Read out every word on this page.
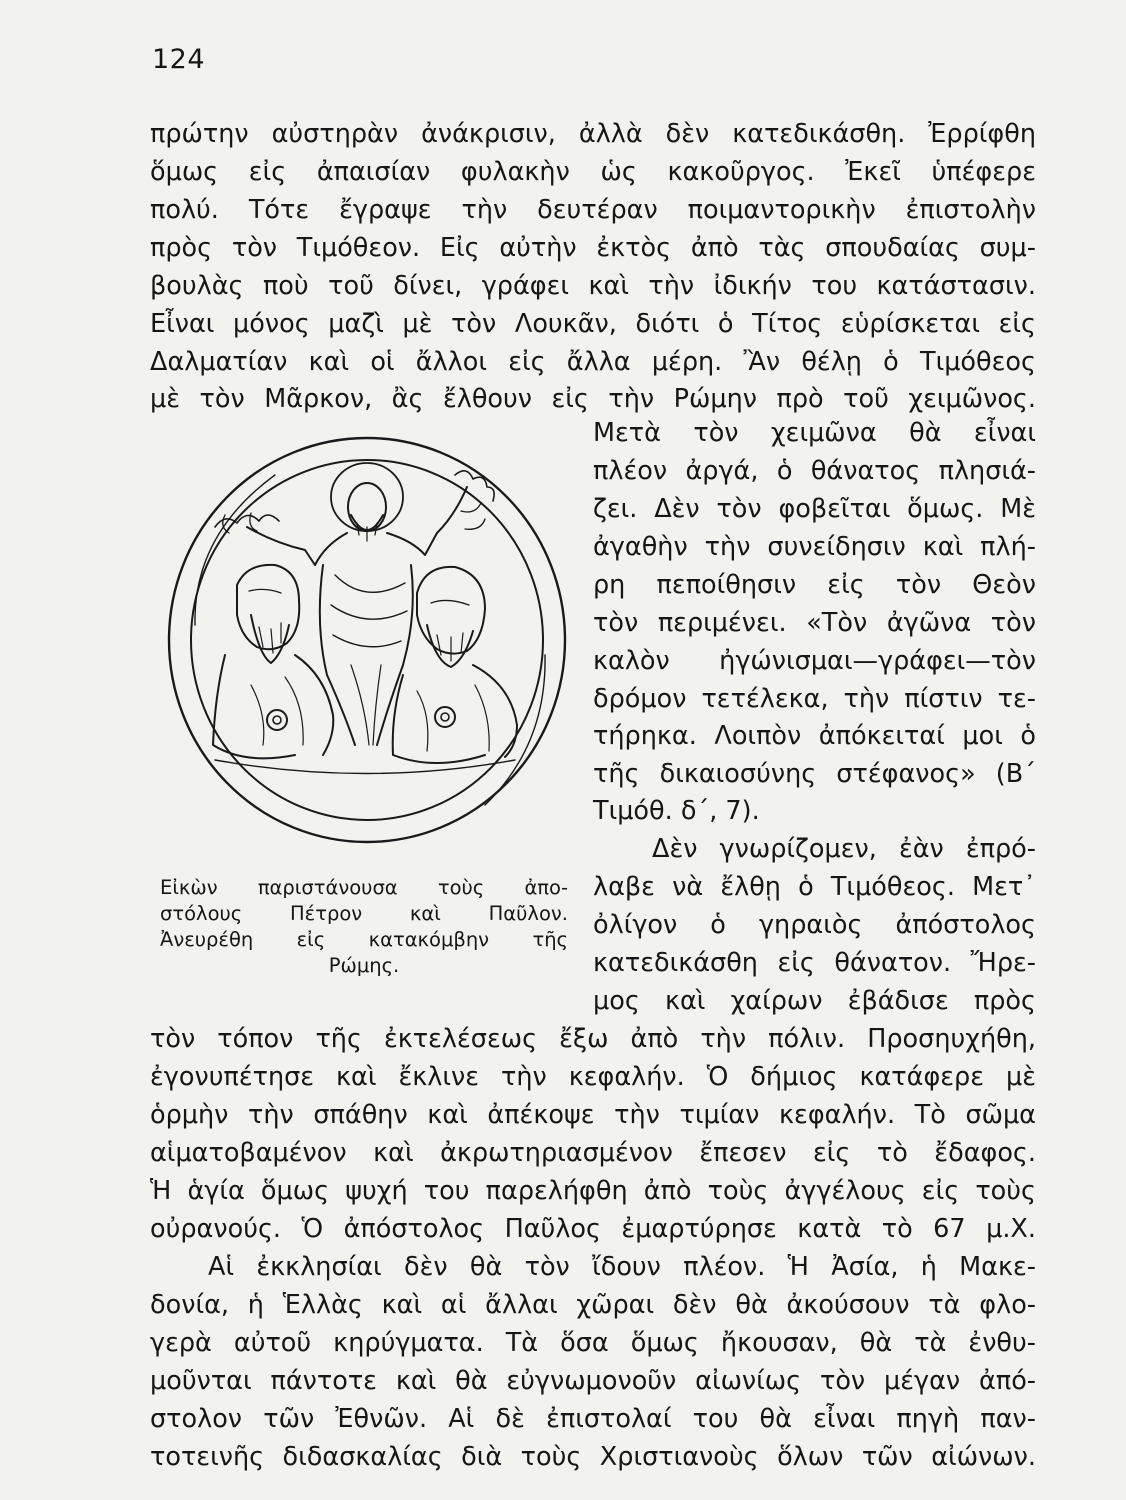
124
πρώτην αὐστηρὰν ἀνάκρισιν, ἀλλὰ δὲν κατεδικάσθη. Ἐρρίφθη
ὅμως εἰς ἀπαισίαν φυλακὴν ὡς κακοῦργος. Ἐκεῖ ὑπέφερε
πολύ. Τότε ἔγραψε τὴν δευτέραν ποιμαντορικὴν ἐπιστολὴν
πρὸς τὸν Τιμόθεον. Εἰς αὐτὴν ἐκτὸς ἀπὸ τὰς σπουδαίας συμ-
βουλὰς ποὺ τοῦ δίνει, γράφει καὶ τὴν ἰδικήν του κατάστασιν.
Εἶναι μόνος μαζὶ μὲ τὸν Λουκᾶν, διότι ὁ Τίτος εὑρίσκεται εἰς
Δαλματίαν καὶ οἱ ἄλλοι εἰς ἄλλα μέρη. Ἂν θέλῃ ὁ Τιμόθεος
μὲ τὸν Μᾶρκον, ἂς ἔλθουν εἰς τὴν Ρώμην πρὸ τοῦ χειμῶνος.
Μετὰ τὸν χειμῶνα θὰ εἶναι
πλέον ἀργά, ὁ θάνατος πλησιά-
ζει. Δὲν τὸν φοβεῖται ὅμως. Μὲ
ἀγαθὴν τὴν συνείδησιν καὶ πλή-
ρη πεποίθησιν εἰς τὸν Θεὸν
τὸν περιμένει. «Τὸν ἀγῶνα τὸν
καλὸν ἠγώνισμαι—γράφει—τὸν
δρόμον τετέλεκα, τὴν πίστιν τε-
τήρηκα. Λοιπὸν ἀπόκειταί μοι ὁ
τῆς δικαιοσύνης στέφανος» (Β΄
Τιμόθ. δ΄, 7).
Δὲν γνωρίζομεν, ἐὰν ἐπρό-
λαβε νὰ ἔλθῃ ὁ Τιμόθεος. Μετ᾽
ὀλίγον ὁ γηραιὸς ἀπόστολος
κατεδικάσθη εἰς θάνατον. Ἤρε-
μος καὶ χαίρων ἐβάδισε πρὸς
Εἰκὼν παριστάνουσα τοὺς ἀπο-
στόλους Πέτρον καὶ Παῦλον.
Ἀνευρέθη εἰς κατακόμβην τῆς
Ρώμης.
τὸν τόπον τῆς ἐκτελέσεως ἔξω ἀπὸ τὴν πόλιν. Προσηυχήθη,
ἐγονυπέτησε καὶ ἔκλινε τὴν κεφαλήν. Ὁ δήμιος κατάφερε μὲ
ὁρμὴν τὴν σπάθην καὶ ἀπέκοψε τὴν τιμίαν κεφαλήν. Τὸ σῶμα
αἱματοβαμένον καὶ ἀκρωτηριασμένον ἔπεσεν εἰς τὸ ἔδαφος.
Ἡ ἁγία ὅμως ψυχή του παρελήφθη ἀπὸ τοὺς ἀγγέλους εἰς τοὺς
οὐρανούς. Ὁ ἀπόστολος Παῦλος ἐμαρτύρησε κατὰ τὸ 67 μ.Χ.
Αἱ ἐκκλησίαι δὲν θὰ τὸν ἴδουν πλέον. Ἡ Ἀσία, ἡ Μακε-
δονία, ἡ Ἑλλὰς καὶ αἱ ἄλλαι χῶραι δὲν θὰ ἀκούσουν τὰ φλο-
γερὰ αὐτοῦ κηρύγματα. Τὰ ὅσα ὅμως ἤκουσαν, θὰ τὰ ἐνθυ-
μοῦνται πάντοτε καὶ θὰ εὐγνωμονοῦν αἰωνίως τὸν μέγαν ἀπό-
στολον τῶν Ἐθνῶν. Αἱ δὲ ἐπιστολαί του θὰ εἶναι πηγὴ παν-
τοτεινῆς διδασκαλίας διὰ τοὺς Χριστιανοὺς ὅλων τῶν αἰώνων.
